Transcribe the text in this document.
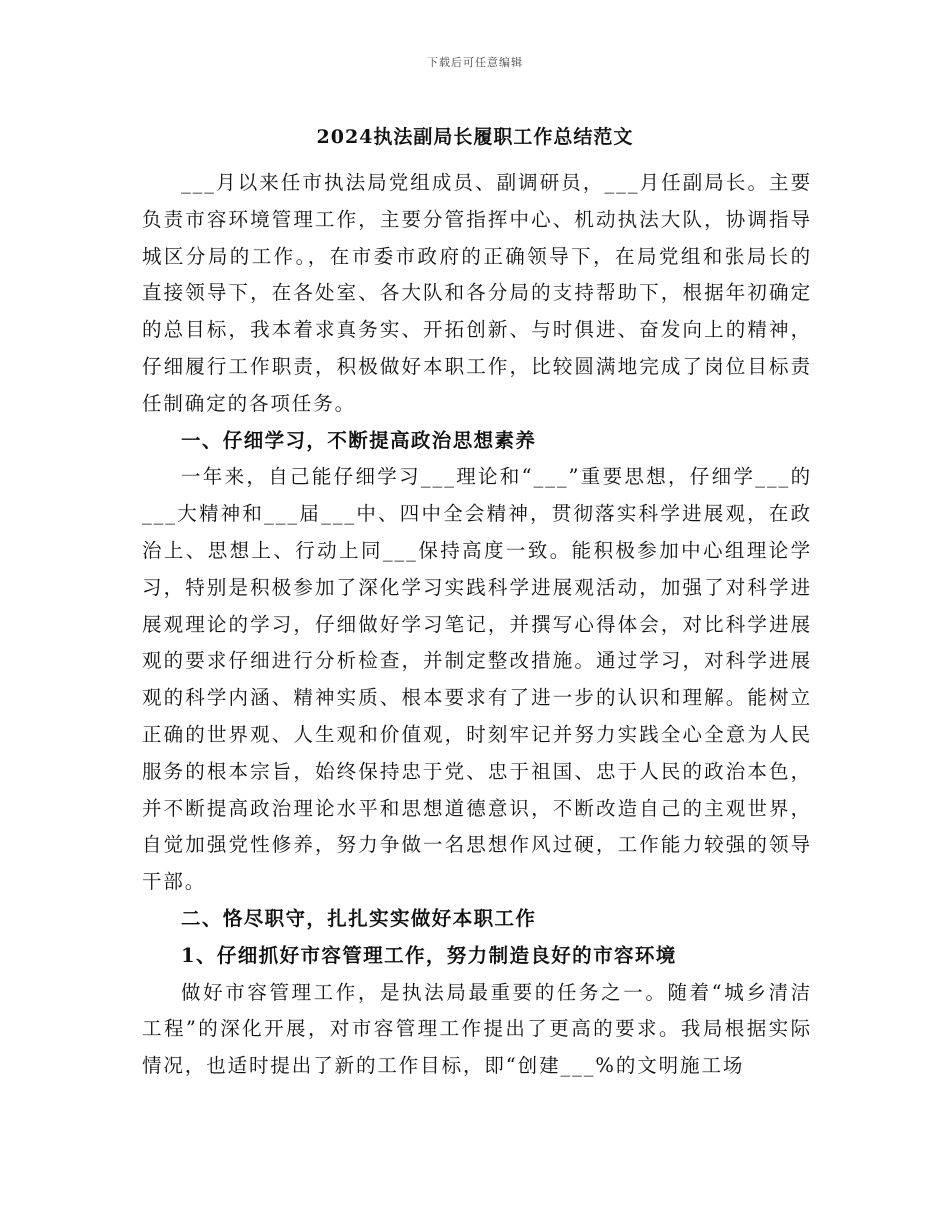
下载后可任意编辑
2024执法副局长履职工作总结范文

___月以来任市执法局党组成员、副调研员，___月任副局长。主要负责市容环境管理工作，主要分管指挥中心、机动执法大队，协调指导城区分局的工作。，在市委市政府的正确领导下，在局党组和张局长的直接领导下，在各处室、各大队和各分局的支持帮助下，根据年初确定的总目标，我本着求真务实、开拓创新、与时俱进、奋发向上的精神，仔细履行工作职责，积极做好本职工作，比较圆满地完成了岗位目标责任制确定的各项任务。

一、仔细学习，不断提高政治思想素养

一年来，自己能仔细学习___理论和“___”重要思想，仔细学___的___大精神和___届___中、四中全会精神，贯彻落实科学进展观，在政治上、思想上、行动上同___保持高度一致。能积极参加中心组理论学习，特别是积极参加了深化学习实践科学进展观活动，加强了对科学进展观理论的学习，仔细做好学习笔记，并撰写心得体会，对比科学进展观的要求仔细进行分析检查，并制定整改措施。通过学习，对科学进展观的科学内涵、精神实质、根本要求有了进一步的认识和理解。能树立正确的世界观、人生观和价值观，时刻牢记并努力实践全心全意为人民服务的根本宗旨，始终保持忠于党、忠于祖国、忠于人民的政治本色，并不断提高政治理论水平和思想道德意识，不断改造自己的主观世界，自觉加强党性修养，努力争做一名思想作风过硬，工作能力较强的领导干部。

二、恪尽职守，扎扎实实做好本职工作

1、仔细抓好市容管理工作，努力制造良好的市容环境

做好市容管理工作，是执法局最重要的任务之一。随着“城乡清洁工程”的深化开展，对市容管理工作提出了更高的要求。我局根据实际情况，也适时提出了新的工作目标，即“创建___%的文明施工场
